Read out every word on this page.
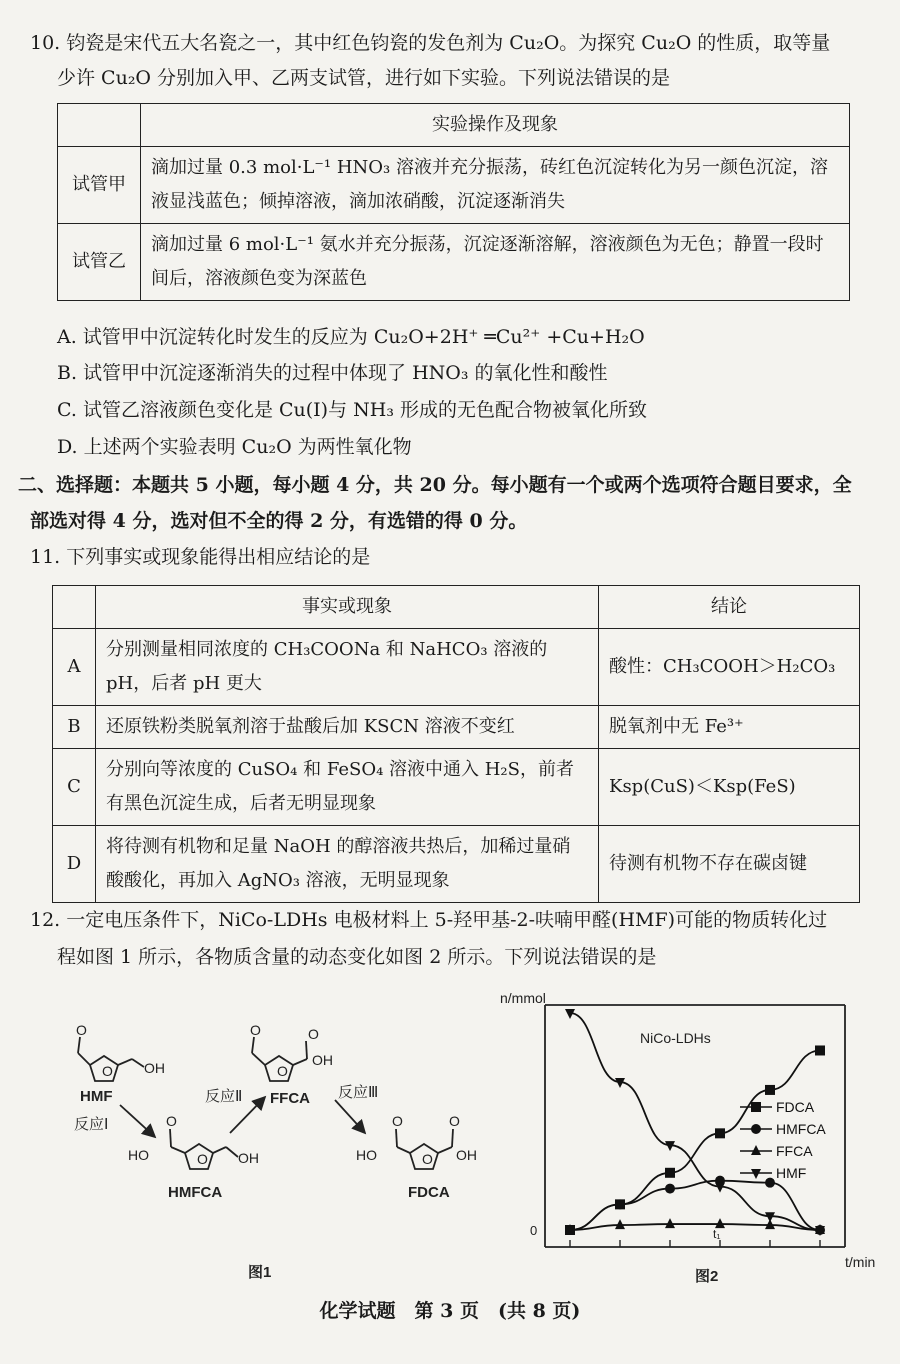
10. 钧瓷是宋代五大名瓷之一，其中红色钧瓷的发色剂为 Cu₂O。为探究 Cu₂O 的性质，取等量
少许 Cu₂O 分别加入甲、乙两支试管，进行如下实验。下列说法错误的是
	实验操作及现象
试管甲	滴加过量 0.3 mol·L⁻¹ HNO₃ 溶液并充分振荡，砖红色沉淀转化为另一颜色沉淀，溶液显浅蓝色；倾掉溶液，滴加浓硝酸，沉淀逐渐消失
试管乙	滴加过量 6 mol·L⁻¹ 氨水并充分振荡，沉淀逐渐溶解，溶液颜色为无色；静置一段时间后，溶液颜色变为深蓝色
A. 试管甲中沉淀转化时发生的反应为 Cu₂O+2H⁺ ═Cu²⁺ +Cu+H₂O
B. 试管甲中沉淀逐渐消失的过程中体现了 HNO₃ 的氧化性和酸性
C. 试管乙溶液颜色变化是 Cu(Ⅰ)与 NH₃ 形成的无色配合物被氧化所致
D. 上述两个实验表明 Cu₂O 为两性氧化物
二、选择题：本题共 5 小题，每小题 4 分，共 20 分。每小题有一个或两个选项符合题目要求，全
部选对得 4 分，选对但不全的得 2 分，有选错的得 0 分。
11. 下列事实或现象能得出相应结论的是
	事实或现象	结论
A	分别测量相同浓度的 CH₃COONa 和 NaHCO₃ 溶液的 pH，后者 pH 更大	酸性：CH₃COOH＞H₂CO₃
B	还原铁粉类脱氧剂溶于盐酸后加 KSCN 溶液不变红	脱氧剂中无 Fe³⁺
C	分别向等浓度的 CuSO₄ 和 FeSO₄ 溶液中通入 H₂S，前者有黑色沉淀生成，后者无明显现象	Ksp(CuS)＜Ksp(FeS)
D	将待测有机物和足量 NaOH 的醇溶液共热后，加稀过量硝酸酸化，再加入 AgNO₃ 溶液，无明显现象	待测有机物不存在碳卤键
12. 一定电压条件下，NiCo-LDHs 电极材料上 5-羟甲基-2-呋喃甲醛(HMF)可能的物质转化过
程如图 1 所示，各物质含量的动态变化如图 2 所示。下列说法错误的是
O
O
OH
O
O
HO	OH
O
O	O
OH
O
O	O
HO	OH
HMF
HMFCA
FFCA
FDCA
反应Ⅰ
反应Ⅱ	反应Ⅲ
图1
n/mmol
t/min
0	t₁
NiCo-LDHs
FDCA
HMFCA
FFCA
HMF
图2
化学试题　第 3 页　(共 8 页)
